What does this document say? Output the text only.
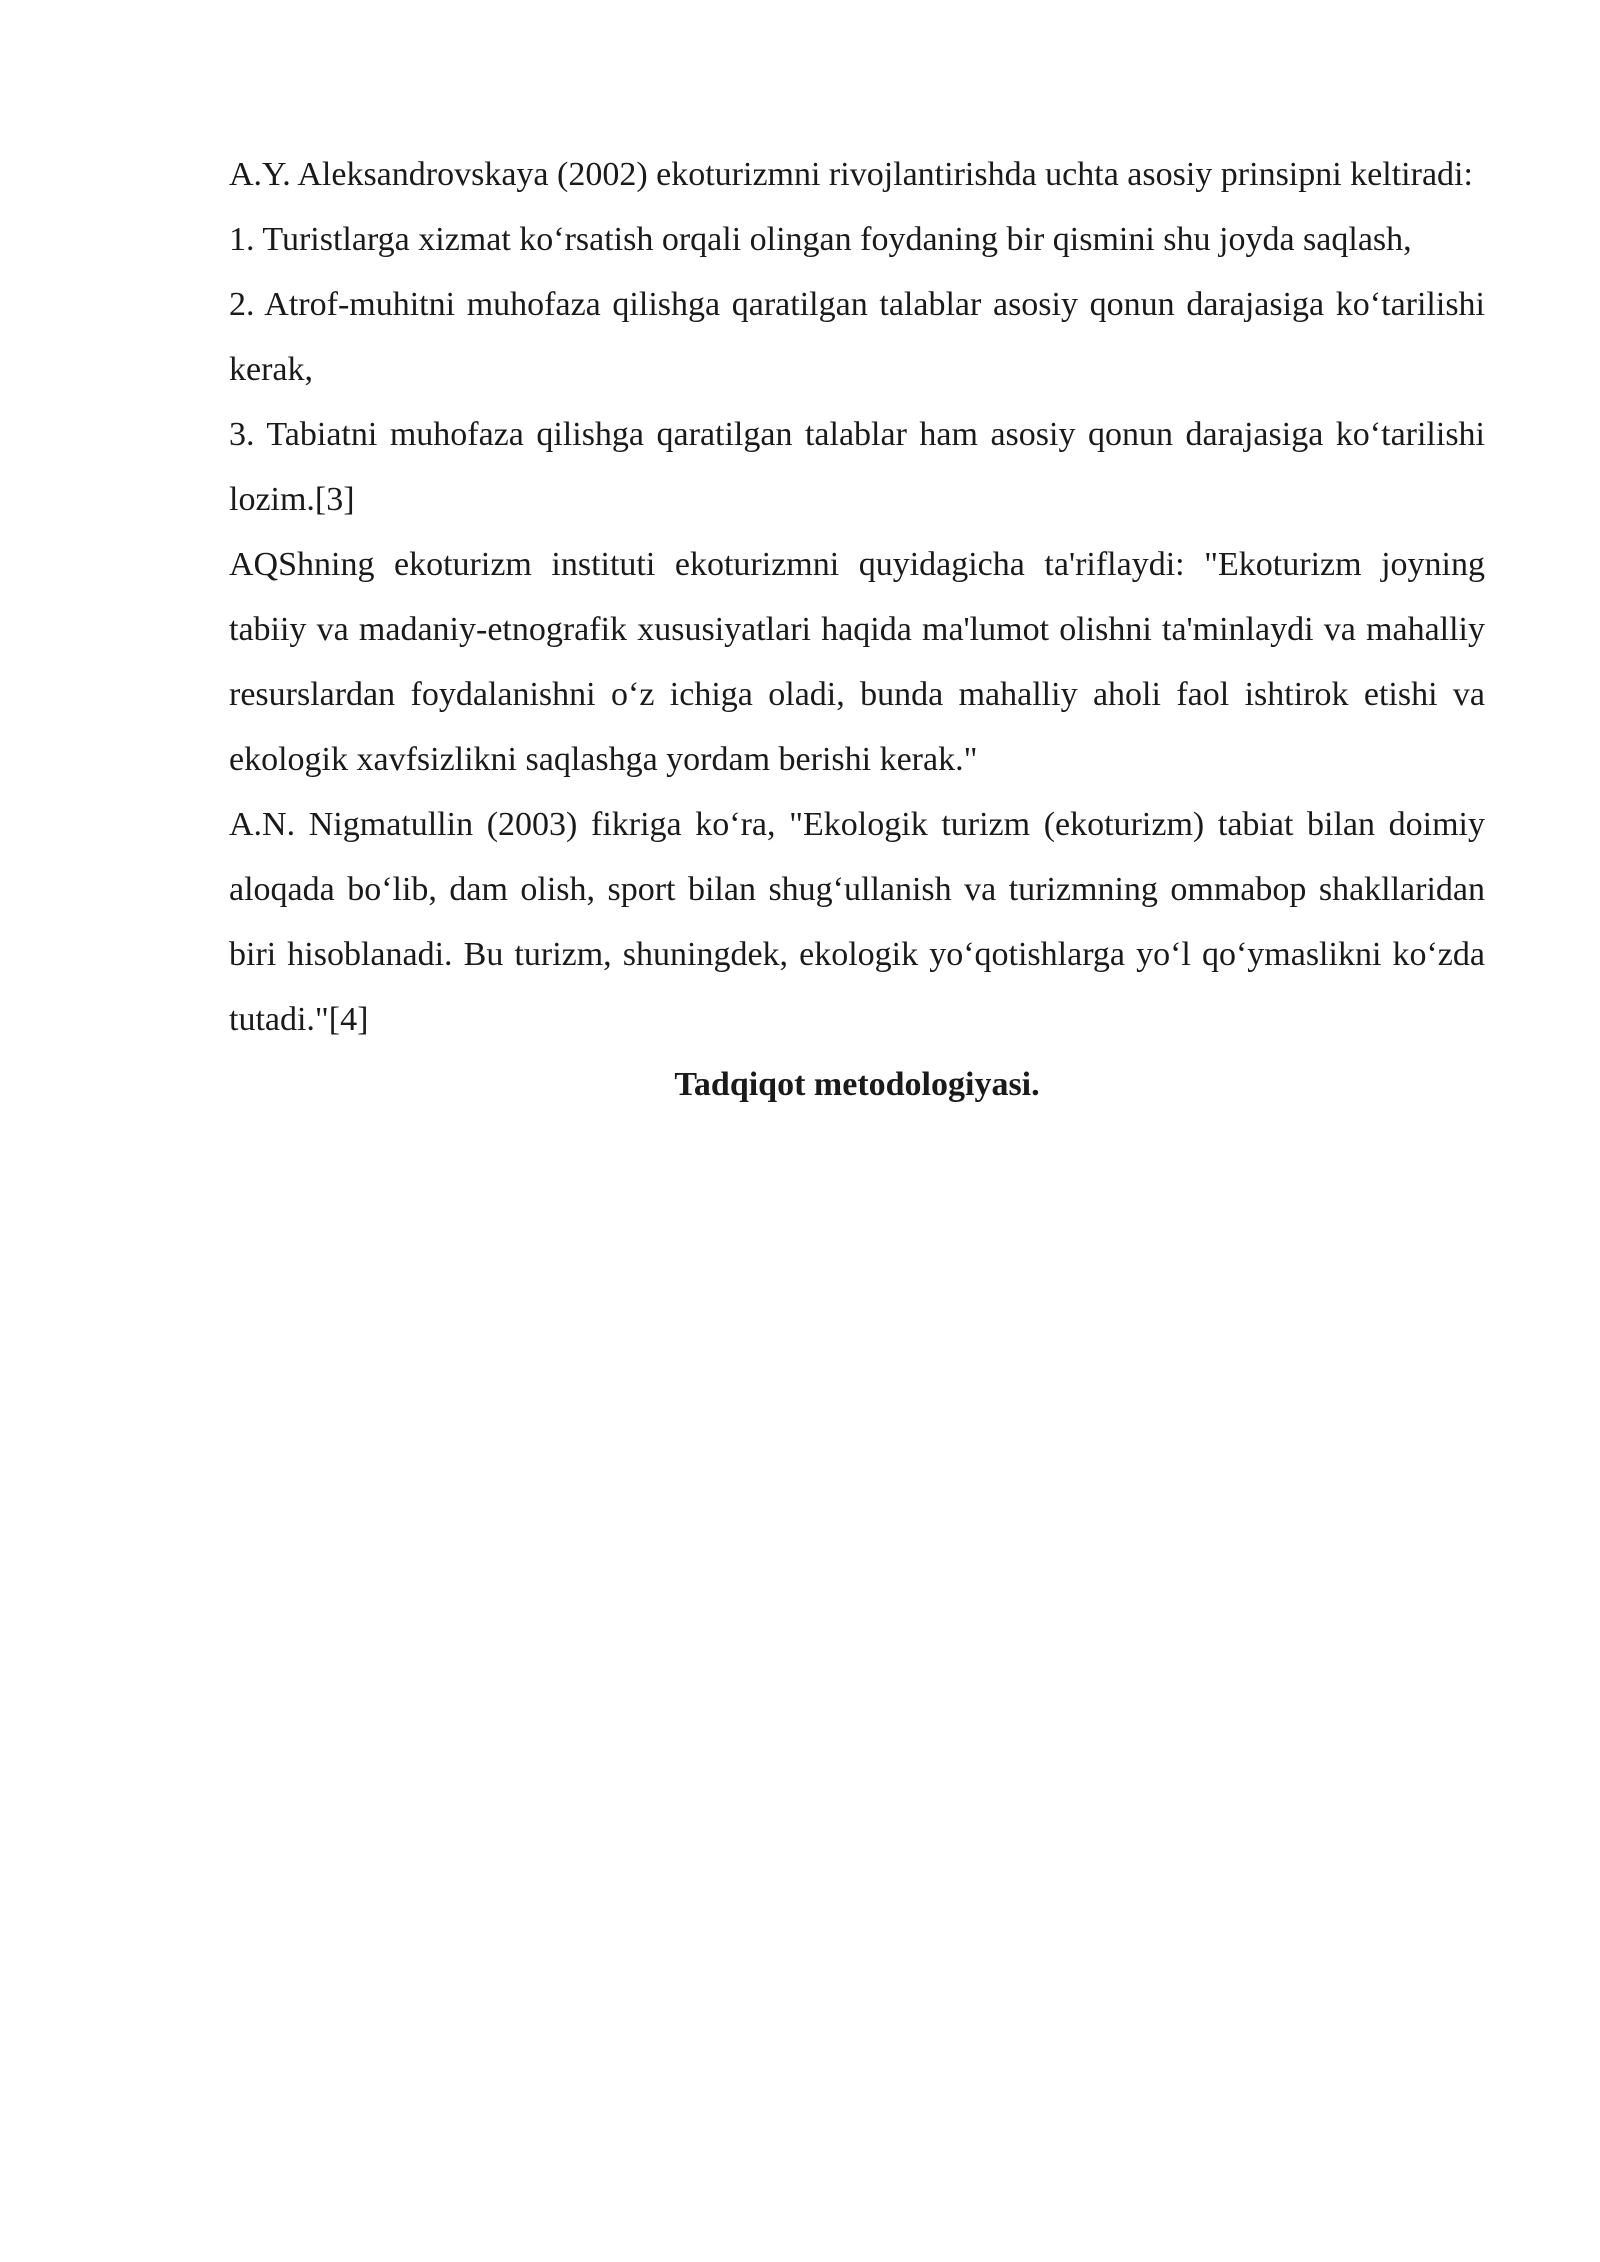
A.Y. Aleksandrovskaya (2002) ekoturizmni rivojlantirishda uchta asosiy prinsipni keltiradi:

1. Turistlarga xizmat koʻrsatish orqali olingan foydaning bir qismini shu joyda saqlash,

2. Atrof-muhitni muhofaza qilishga qaratilgan talablar asosiy qonun darajasiga koʻtarilishi kerak,

3. Tabiatni muhofaza qilishga qaratilgan talablar ham asosiy qonun darajasiga koʻtarilishi lozim.[3]

AQShning ekoturizm instituti ekoturizmni quyidagicha ta'riflaydi: "Ekoturizm joyning tabiiy va madaniy-etnografik xususiyatlari haqida ma'lumot olishni ta'minlaydi va mahalliy resurslardan foydalanishni oʻz ichiga oladi, bunda mahalliy aholi faol ishtirok etishi va ekologik xavfsizlikni saqlashga yordam berishi kerak."

A.N. Nigmatullin (2003) fikriga koʻra, "Ekologik turizm (ekoturizm) tabiat bilan doimiy aloqada boʻlib, dam olish, sport bilan shugʻullanish va turizmning ommabop shakllaridan biri hisoblanadi. Bu turizm, shuningdek, ekologik yoʻqotishlarga yoʻl qoʻymaslikni koʻzda tutadi."[4]

Tadqiqot metodologiyasi.
